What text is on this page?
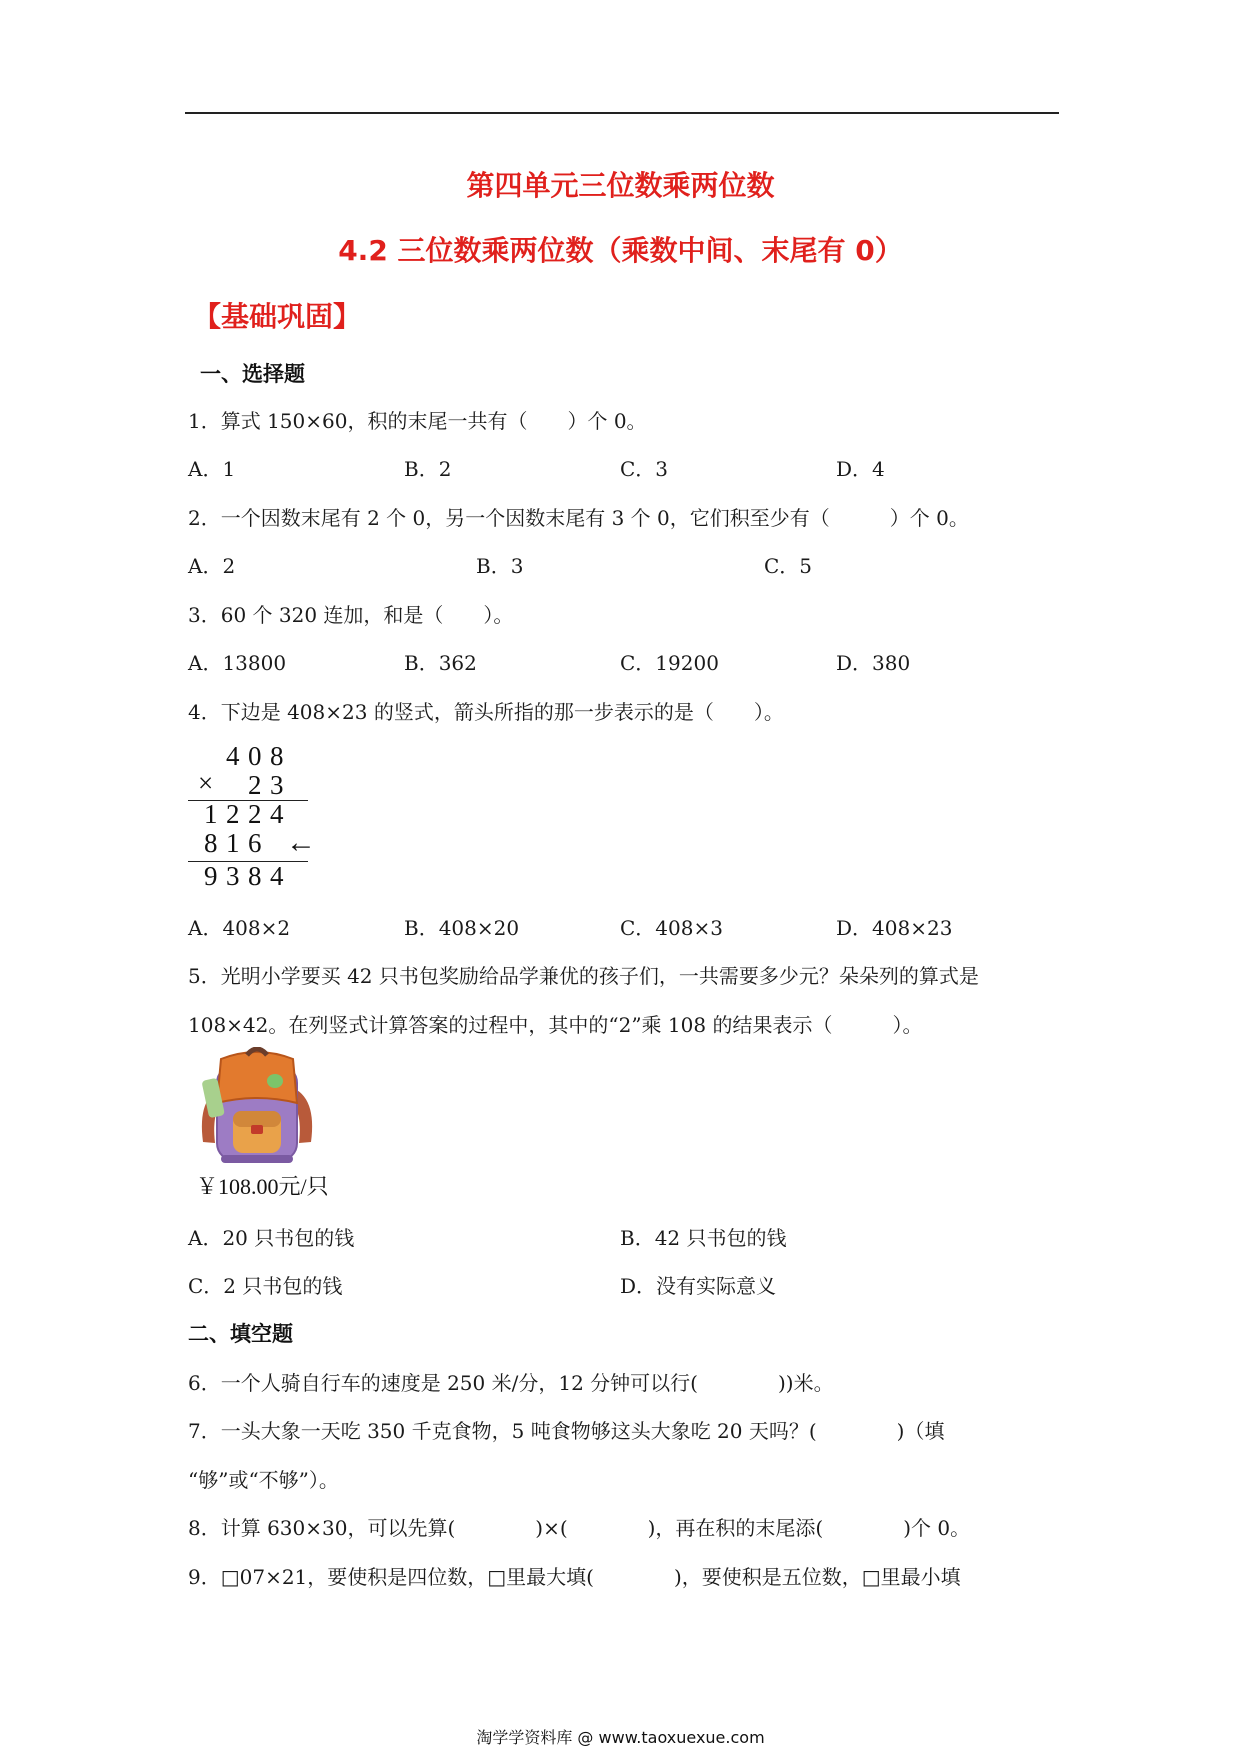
第四单元三位数乘两位数
4.2 三位数乘两位数（乘数中间、末尾有 0）
【基础巩固】
一、选择题
1．算式 150×60，积的末尾一共有（　　）个 0。
A．1	B．2	C．3	D．4
2．一个因数末尾有 2 个 0，另一个因数末尾有 3 个 0，它们积至少有（　　　）个 0。
A．2	B．3	C．5
3．60 个 320 连加，和是（　　）。
A．13800	B．362	C．19200	D．380
4．下边是 408×23 的竖式，箭头所指的那一步表示的是（　　）。
4 0 8
× 2 3
1 2 2 4
8 1 6 ←
9 3 8 4
A．408×2	B．408×20	C．408×3	D．408×23
5．光明小学要买 42 只书包奖励给品学兼优的孩子们，一共需要多少元？朵朵列的算式是
108×42。在列竖式计算答案的过程中，其中的“2”乘 108 的结果表示（　　　）。
￥108.00元/只
A．20 只书包的钱	B．42 只书包的钱
C．2 只书包的钱	D．没有实际意义
二、填空题
6．一个人骑自行车的速度是 250 米/分，12 分钟可以行(　　　　))米。
7．一头大象一天吃 350 千克食物，5 吨食物够这头大象吃 20 天吗？(　　　　)（填
“够”或“不够”）。
8．计算 630×30，可以先算(　　　　)×(　　　　)，再在积的末尾添(　　　　)个 0。
9．□07×21，要使积是四位数，□里最大填(　　　　)，要使积是五位数，□里最小填
淘学学资料库 @ www.taoxuexue.com
